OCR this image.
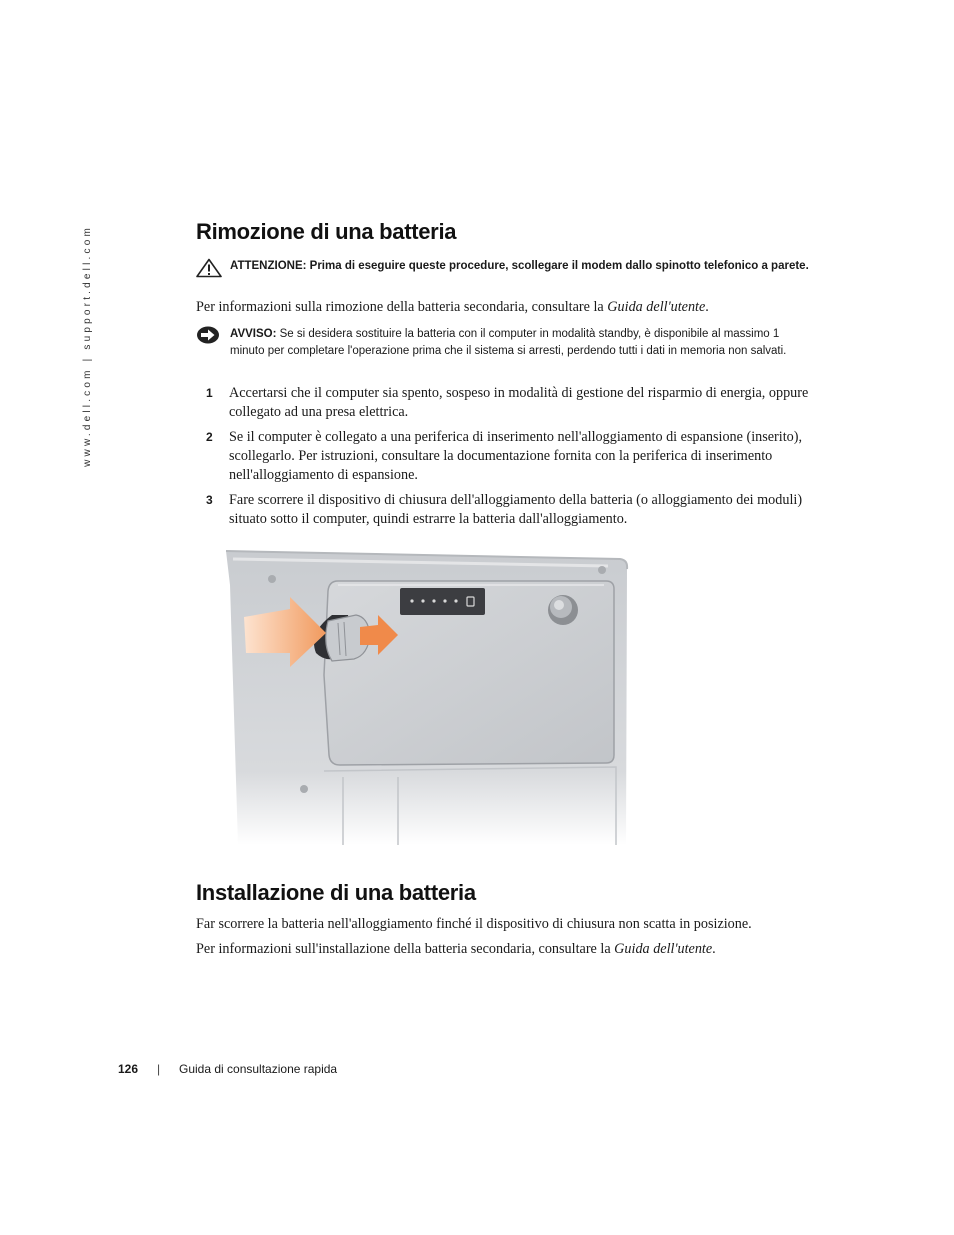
www.dell.com | support.dell.com	Rimozione di una batteria
ATTENZIONE: Prima di eseguire queste procedure, scollegare il modem dallo spinotto telefonico a parete.

Per informazioni sulla rimozione della batteria secondaria, consultare la Guida dell'utente.

AVVISO: Se si desidera sostituire la batteria con il computer in modalità standby, è disponibile al massimo 1 minuto per completare l'operazione prima che il sistema si arresti, perdendo tutti i dati in memoria non salvati.
1 Accertarsi che il computer sia spento, sospeso in modalità di gestione del risparmio di energia, oppure collegato ad una presa elettrica.
2 Se il computer è collegato a una periferica di inserimento nell'alloggiamento di espansione (inserito), scollegarlo. Per istruzioni, consultare la documentazione fornita con la periferica di inserimento nell'alloggiamento di espansione.
3 Fare scorrere il dispositivo di chiusura dell'alloggiamento della batteria (o alloggiamento dei moduli) situato sotto il computer, quindi estrarre la batteria dall'alloggiamento.
Installazione di una batteria

Far scorrere la batteria nell'alloggiamento finché il dispositivo di chiusura non scatta in posizione.

Per informazioni sull'installazione della batteria secondaria, consultare la Guida dell'utente.

126 | Guida di consultazione rapida
